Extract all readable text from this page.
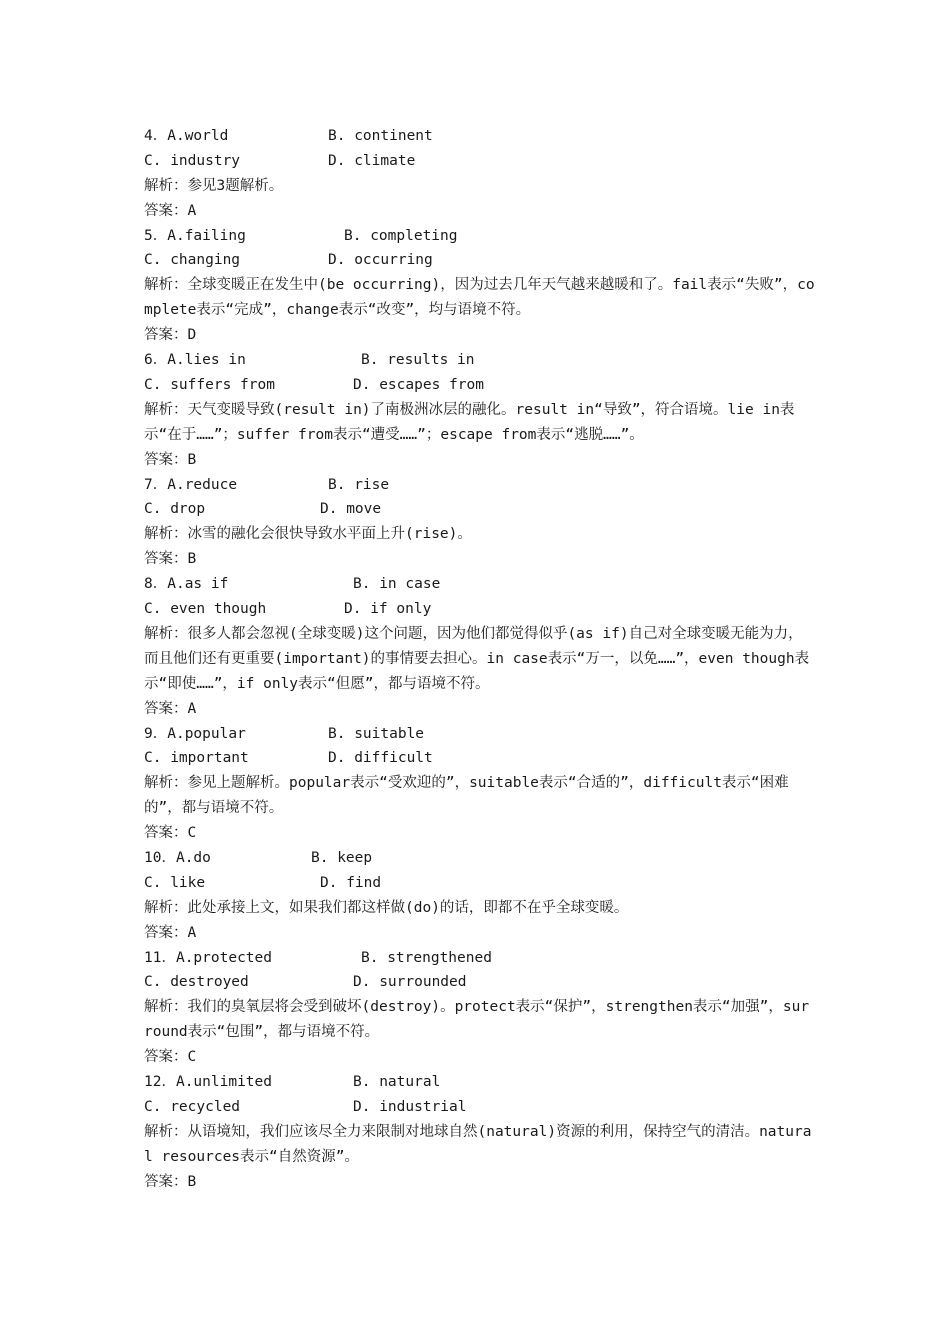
4．A.world	B. continent
C. industry	D. climate
解析：参见3题解析。
答案：A
5．A.failing	B. completing
C. changing	D. occurring
解析：全球变暖正在发生中(be occurring)，因为过去几年天气越来越暖和了。fail表示“失败”，complete表示“完成”，change表示“改变”，均与语境不符。
答案：D
6．A.lies in	B. results in
C. suffers from	D. escapes from
解析：天气变暖导致(result in)了南极洲冰层的融化。result in“导致”，符合语境。lie in表示“在于……”；suffer from表示“遭受……”；escape from表示“逃脱……”。
答案：B
7．A.reduce	B. rise
C. drop	D. move
解析：冰雪的融化会很快导致水平面上升(rise)。
答案：B
8．A.as if	B. in case
C. even though	D. if only
解析：很多人都会忽视(全球变暖)这个问题，因为他们都觉得似乎(as if)自己对全球变暖无能为力，而且他们还有更重要(important)的事情要去担心。in case表示“万一，以免……”，even though表示“即使……”，if only表示“但愿”，都与语境不符。
答案：A
9．A.popular	B. suitable
C. important	D. difficult
解析：参见上题解析。popular表示“受欢迎的”，suitable表示“合适的”，difficult表示“困难的”，都与语境不符。
答案：C
10．A.do	B. keep
C. like	D. find
解析：此处承接上文，如果我们都这样做(do)的话，即都不在乎全球变暖。
答案：A
11．A.protected	B. strengthened
C. destroyed	D. surrounded
解析：我们的臭氧层将会受到破坏(destroy)。protect表示“保护”，strengthen表示“加强”，surround表示“包围”，都与语境不符。
答案：C
12．A.unlimited	B. natural
C. recycled	D. industrial
解析：从语境知，我们应该尽全力来限制对地球自然(natural)资源的利用，保持空气的清洁。natural resources表示“自然资源”。
答案：B
